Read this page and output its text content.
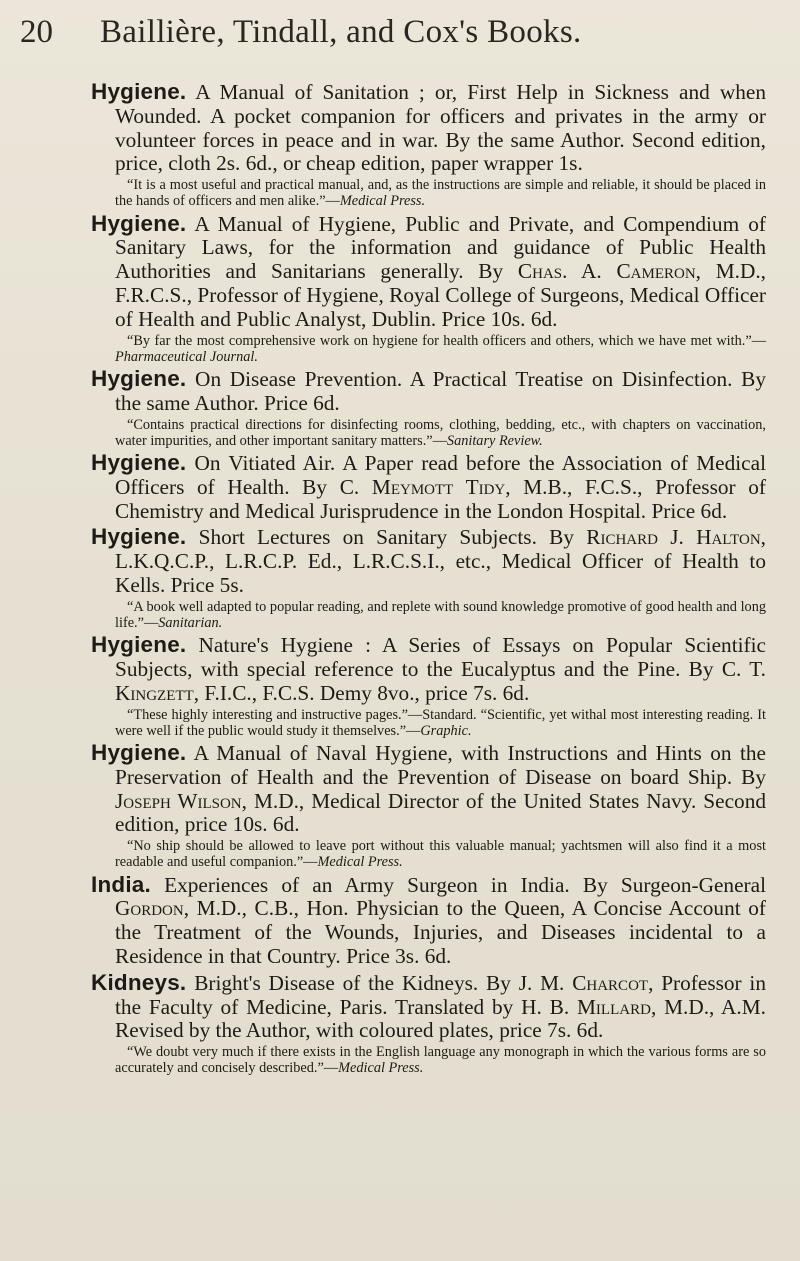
20	Baillière, Tindall, and Cox's Books.
Hygiene. A Manual of Sanitation ; or, First Help in Sickness and when Wounded. A pocket companion for officers and privates in the army or volunteer forces in peace and in war. By the same Author. Second edition, price, cloth 2s. 6d., or cheap edition, paper wrapper 1s.
“It is a most useful and practical manual, and, as the instructions are simple and reliable, it should be placed in the hands of officers and men alike.”—Medical Press.
Hygiene. A Manual of Hygiene, Public and Private, and Compendium of Sanitary Laws, for the information and guidance of Public Health Authorities and Sanitarians generally. By Chas. A. Cameron, M.D., F.R.C.S., Professor of Hygiene, Royal College of Surgeons, Medical Officer of Health and Public Analyst, Dublin. Price 10s. 6d.
“By far the most comprehensive work on hygiene for health officers and others, which we have met with.”—Pharmaceutical Journal.
Hygiene. On Disease Prevention. A Practical Treatise on Disinfection. By the same Author. Price 6d.
“Contains practical directions for disinfecting rooms, clothing, bedding, etc., with chapters on vaccination, water impurities, and other important sanitary matters.”—Sanitary Review.
Hygiene. On Vitiated Air. A Paper read before the Association of Medical Officers of Health. By C. Meymott Tidy, M.B., F.C.S., Professor of Chemistry and Medical Jurisprudence in the London Hospital. Price 6d.
Hygiene. Short Lectures on Sanitary Subjects. By Richard J. Halton, L.K.Q.C.P., L.R.C.P. Ed., L.R.C.S.I., etc., Medical Officer of Health to Kells. Price 5s.
“A book well adapted to popular reading, and replete with sound knowledge promotive of good health and long life.”—Sanitarian.
Hygiene. Nature's Hygiene : A Series of Essays on Popular Scientific Subjects, with special reference to the Eucalyptus and the Pine. By C. T. Kingzett, F.I.C., F.C.S. Demy 8vo., price 7s. 6d.
“These highly interesting and instructive pages.”—Standard. “Scientific, yet withal most interesting reading. It were well if the public would study it themselves.”—Graphic.
Hygiene. A Manual of Naval Hygiene, with Instructions and Hints on the Preservation of Health and the Prevention of Disease on board Ship. By Joseph Wilson, M.D., Medical Director of the United States Navy. Second edition, price 10s. 6d.
“No ship should be allowed to leave port without this valuable manual; yachtsmen will also find it a most readable and useful companion.”—Medical Press.
India. Experiences of an Army Surgeon in India. By Surgeon-General Gordon, M.D., C.B., Hon. Physician to the Queen, A Concise Account of the Treatment of the Wounds, Injuries, and Diseases incidental to a Residence in that Country. Price 3s. 6d.
Kidneys. Bright's Disease of the Kidneys. By J. M. Charcot, Professor in the Faculty of Medicine, Paris. Translated by H. B. Millard, M.D., A.M. Revised by the Author, with coloured plates, price 7s. 6d.
“We doubt very much if there exists in the English language any monograph in which the various forms are so accurately and concisely described.”—Medical Press.
